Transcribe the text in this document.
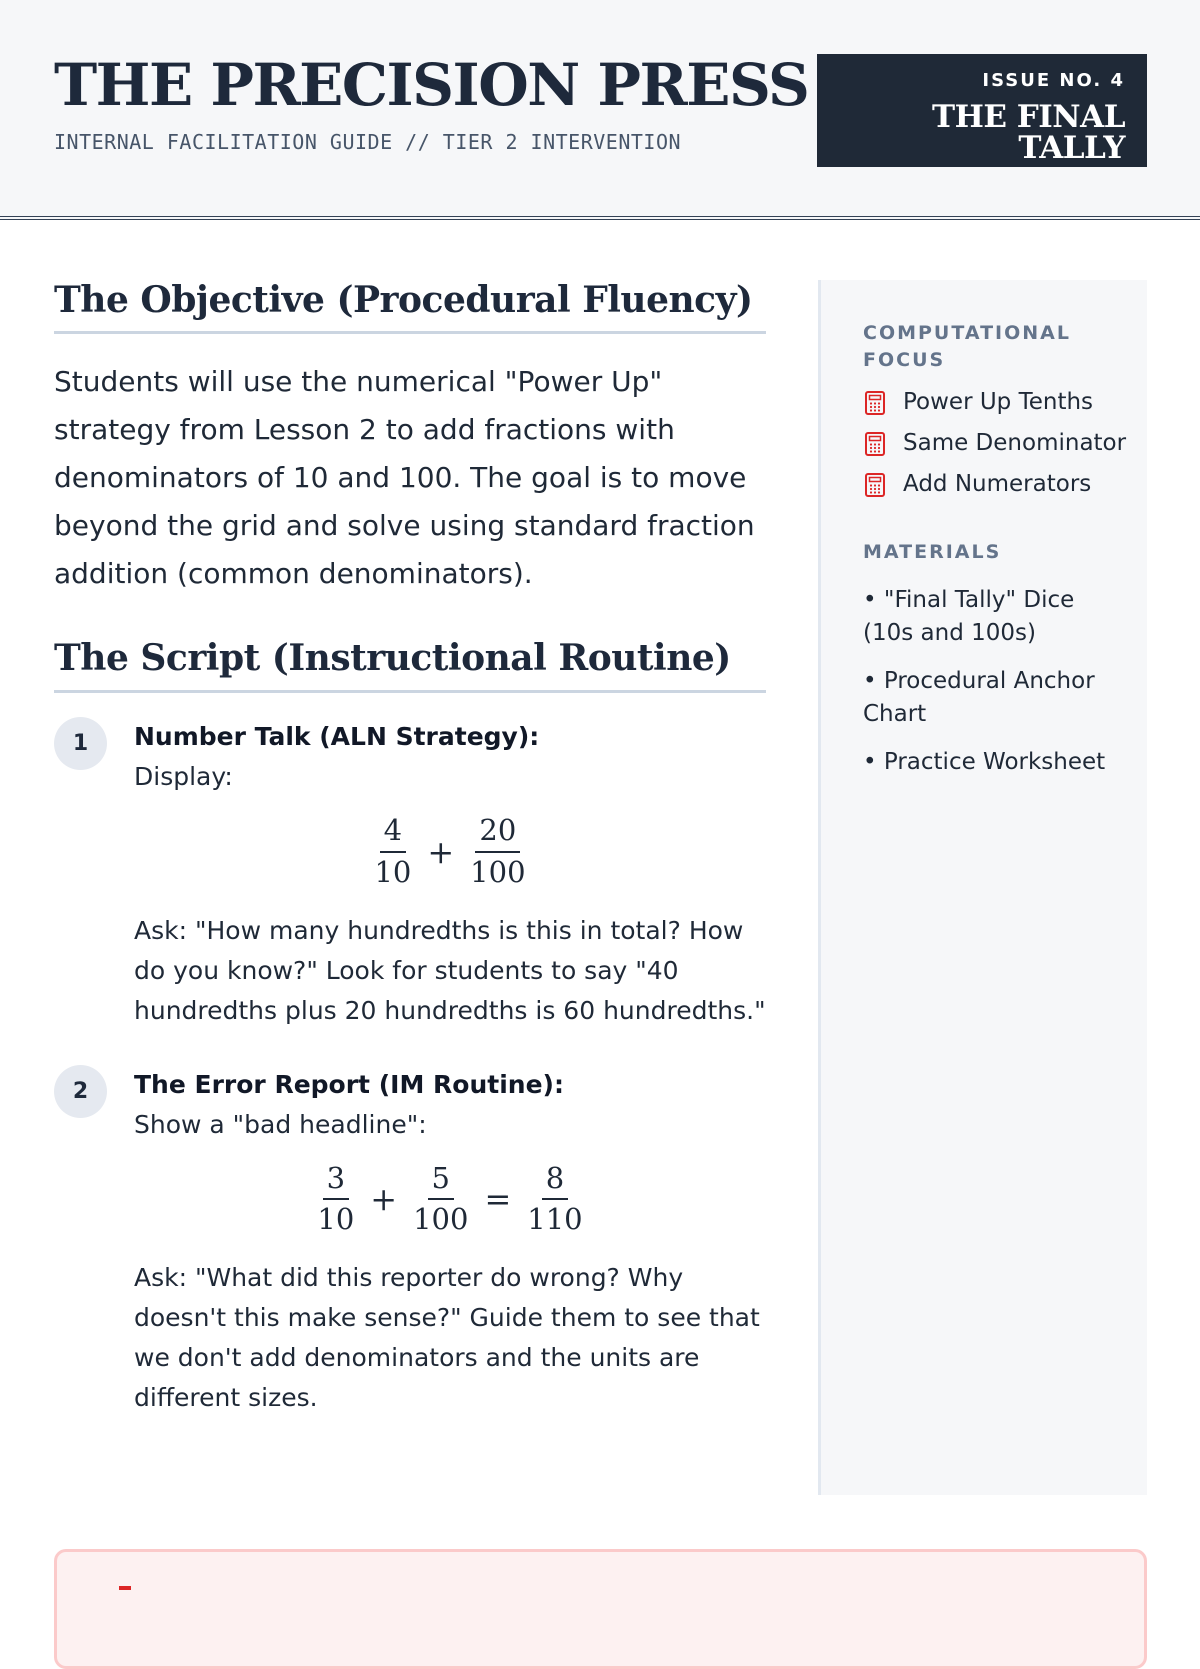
THE PRECISION PRESS
INTERNAL FACILITATION GUIDE // TIER 2 INTERVENTION
ISSUE NO. 4
THE FINAL TALLY
The Objective (Procedural Fluency)

Students will use the numerical "Power Up" strategy from Lesson 2 to add fractions with denominators of 10 and 100. The goal is to move beyond the grid and solve using standard fraction addition (common denominators).

The Script (Instructional Routine)
1	Number Talk (ALN Strategy):
Display:
$\frac{4}{10} + \frac{20}{100}$
Ask: "How many hundredths is this in total? How do you know?" Look for students to say "40 hundredths plus 20 hundredths is 60 hundredths."
2	The Error Report (IM Routine):
Show a "bad headline":
$\frac{3}{10} + \frac{5}{100} = \frac{8}{110}$
Ask: "What did this reporter do wrong? Why doesn't this make sense?" Guide them to see that we don't add denominators and the units are different sizes.
COMPUTATIONAL FOCUS
Power Up Tenths
Same Denominator
Add Numerators
MATERIALS
• "Final Tally" Dice (10s and 100s)
• Procedural Anchor Chart
• Practice Worksheet
